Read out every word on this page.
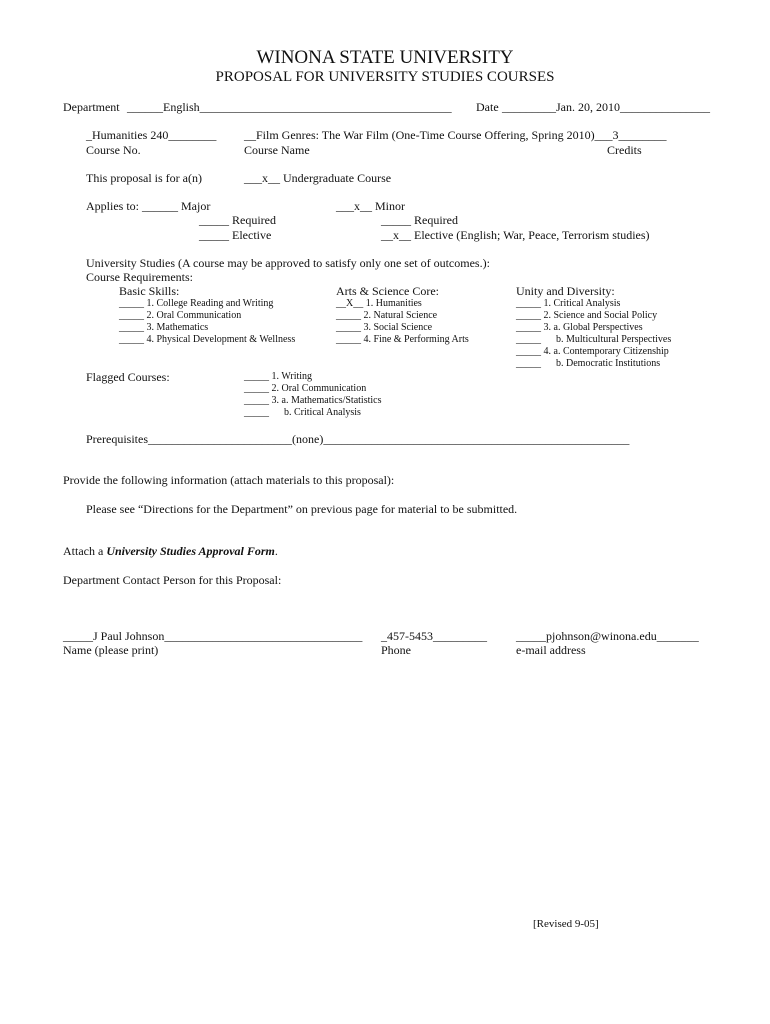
WINONA STATE UNIVERSITY
PROPOSAL FOR UNIVERSITY STUDIES COURSES
Department ______English__________________________________________ Date _________Jan. 20, 2010_______________
_Humanities 240________
Course No.
__Film Genres: The War Film (One-Time Course Offering, Spring 2010)___3________
Course Name	Credits
This proposal is for a(n)	___x__ Undergraduate Course
Applies to: ______ Major
_____ Required
_____ Elective
___x__ Minor
_____ Required
__x__ Elective (English; War, Peace, Terrorism studies)
University Studies (A course may be approved to satisfy only one set of outcomes.):
Course Requirements:
Basic Skills:
_____ 1. College Reading and Writing
_____ 2. Oral Communication
_____ 3. Mathematics
_____ 4. Physical Development & Wellness
Arts & Science Core:
__X__ 1. Humanities
_____ 2. Natural Science
_____ 3. Social Science
_____ 4. Fine & Performing Arts
Unity and Diversity:
_____ 1. Critical Analysis
_____ 2. Science and Social Policy
_____ 3. a. Global Perspectives
_____      b. Multicultural Perspectives
_____ 4. a. Contemporary Citizenship
_____      b. Democratic Institutions
Flagged Courses:	_____ 1. Writing
_____ 2. Oral Communication
_____ 3. a. Mathematics/Statistics
_____      b. Critical Analysis
Prerequisites ________________________(none)___________________________________________________
Provide the following information (attach materials to this proposal):
Please see “Directions for the Department” on previous page for material to be submitted.
Attach a University Studies Approval Form.
Department Contact Person for this Proposal:
_____J Paul Johnson_________________________________
Name (please print)
_457-5453_________
Phone
_____pjohnson@winona.edu_______
e-mail address
[Revised 9-05]
